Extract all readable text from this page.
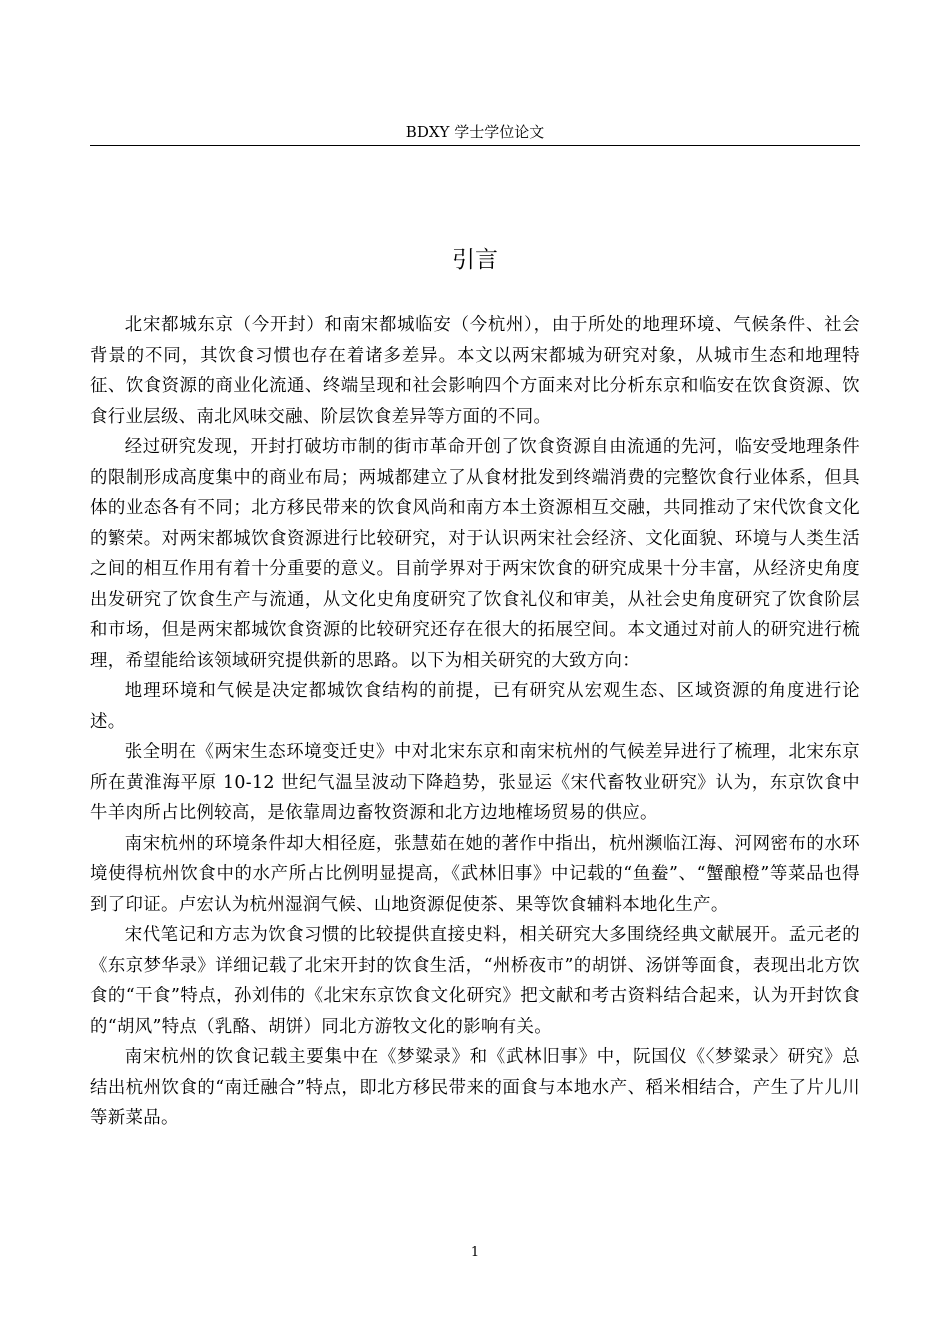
BDXY 学士学位论文
引言

北宋都城东京（今开封）和南宋都城临安（今杭州），由于所处的地理环境、气候条件、社会背景的不同，其饮食习惯也存在着诸多差异。本文以两宋都城为研究对象，从城市生态和地理特征、饮食资源的商业化流通、终端呈现和社会影响四个方面来对比分析东京和临安在饮食资源、饮食行业层级、南北风味交融、阶层饮食差异等方面的不同。

经过研究发现，开封打破坊市制的街市革命开创了饮食资源自由流通的先河，临安受地理条件的限制形成高度集中的商业布局；两城都建立了从食材批发到终端消费的完整饮食行业体系，但具体的业态各有不同；北方移民带来的饮食风尚和南方本土资源相互交融，共同推动了宋代饮食文化的繁荣。对两宋都城饮食资源进行比较研究，对于认识两宋社会经济、文化面貌、环境与人类生活之间的相互作用有着十分重要的意义。目前学界对于两宋饮食的研究成果十分丰富，从经济史角度出发研究了饮食生产与流通，从文化史角度研究了饮食礼仪和审美，从社会史角度研究了饮食阶层和市场，但是两宋都城饮食资源的比较研究还存在很大的拓展空间。本文通过对前人的研究进行梳理，希望能给该领域研究提供新的思路。以下为相关研究的大致方向：

地理环境和气候是决定都城饮食结构的前提，已有研究从宏观生态、区域资源的角度进行论述。

张全明在《两宋生态环境变迁史》中对北宋东京和南宋杭州的气候差异进行了梳理，北宋东京所在黄淮海平原 10-12 世纪气温呈波动下降趋势，张显运《宋代畜牧业研究》认为，东京饮食中牛羊肉所占比例较高，是依靠周边畜牧资源和北方边地榷场贸易的供应。

南宋杭州的环境条件却大相径庭，张慧茹在她的著作中指出，杭州濒临江海、河网密布的水环境使得杭州饮食中的水产所占比例明显提高，《武林旧事》中记载的“鱼鲞”、“蟹酿橙”等菜品也得到了印证。卢宏认为杭州湿润气候、山地资源促使茶、果等饮食辅料本地化生产。

宋代笔记和方志为饮食习惯的比较提供直接史料，相关研究大多围绕经典文献展开。孟元老的《东京梦华录》详细记载了北宋开封的饮食生活，“州桥夜市”的胡饼、汤饼等面食，表现出北方饮食的“干食”特点，孙刘伟的《北宋东京饮食文化研究》把文献和考古资料结合起来，认为开封饮食的“胡风”特点（乳酪、胡饼）同北方游牧文化的影响有关。

南宋杭州的饮食记载主要集中在《梦粱录》和《武林旧事》中，阮国仪《〈梦粱录〉研究》总结出杭州饮食的“南迁融合”特点，即北方移民带来的面食与本地水产、稻米相结合，产生了片儿川等新菜品。

1
